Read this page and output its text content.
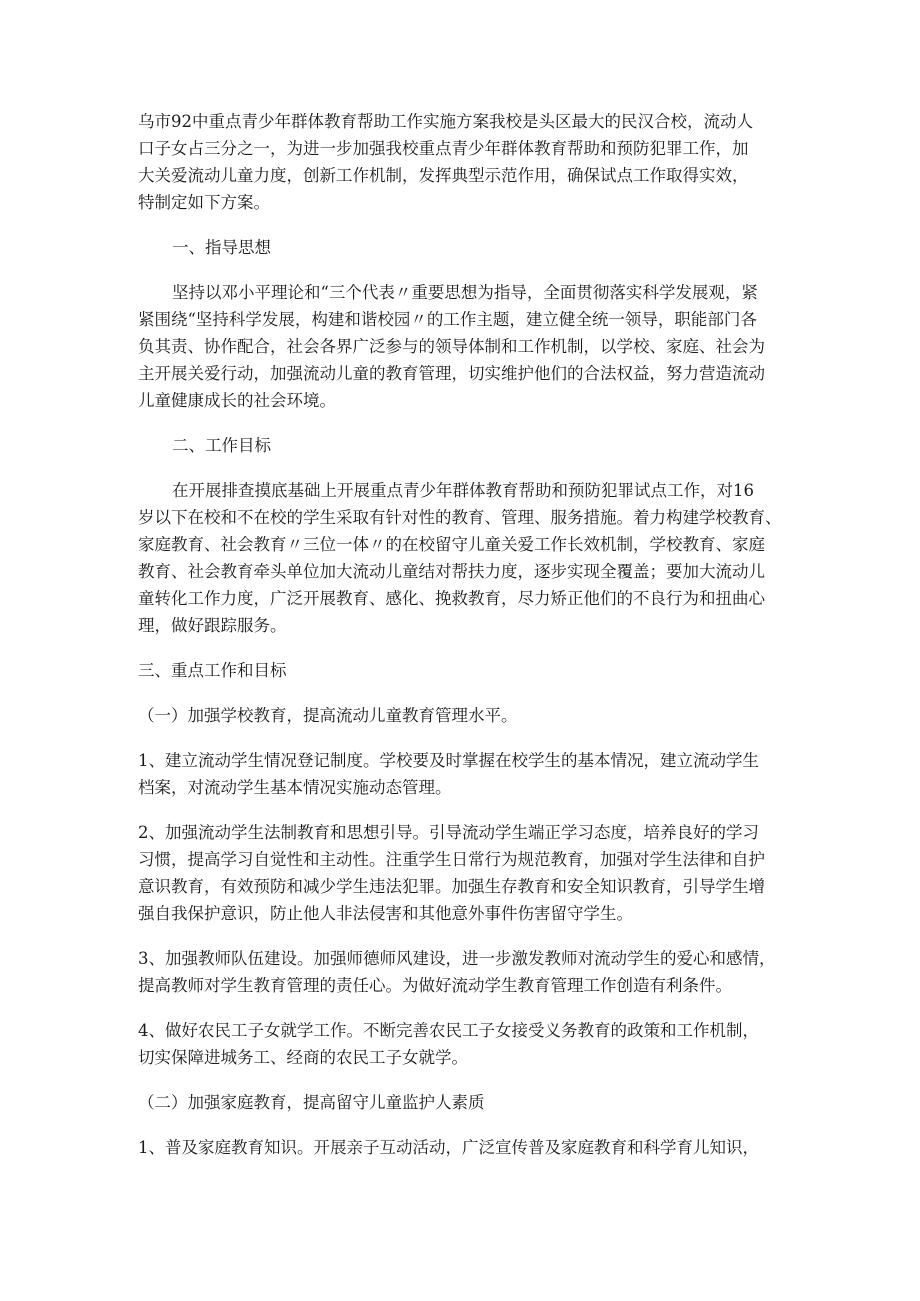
乌市92中重点青少年群体教育帮助工作实施方案我校是头区最大的民汉合校，流动人
口子女占三分之一，为进一步加强我校重点青少年群体教育帮助和预防犯罪工作，加
大关爱流动儿童力度，创新工作机制，发挥典型示范作用，确保试点工作取得实效，
特制定如下方案。

一、指导思想

坚持以邓小平理论和“三个代表〃重要思想为指导，全面贯彻落实科学发展观，紧
紧围绕“坚持科学发展，构建和谐校园〃的工作主题，建立健全统一领导，职能部门各
负其责、协作配合，社会各界广泛参与的领导体制和工作机制，以学校、家庭、社会为
主开展关爱行动，加强流动儿童的教育管理，切实维护他们的合法权益，努力营造流动
儿童健康成长的社会环境。

二、工作目标

在开展排查摸底基础上开展重点青少年群体教育帮助和预防犯罪试点工作，对16
岁以下在校和不在校的学生采取有针对性的教育、管理、服务措施。着力构建学校教育、
家庭教育、社会教育〃三位一体〃的在校留守儿童关爱工作长效机制，学校教育、家庭
教育、社会教育牵头单位加大流动儿童结对帮扶力度，逐步实现全覆盖；要加大流动儿
童转化工作力度，广泛开展教育、感化、挽救教育，尽力矫正他们的不良行为和扭曲心
理，做好跟踪服务。

三、重点工作和目标

（一）加强学校教育，提高流动儿童教育管理水平。

1、建立流动学生情况登记制度。学校要及时掌握在校学生的基本情况，建立流动学生
档案，对流动学生基本情况实施动态管理。

2、加强流动学生法制教育和思想引导。引导流动学生端正学习态度，培养良好的学习
习惯，提高学习自觉性和主动性。注重学生日常行为规范教育，加强对学生法律和自护
意识教育，有效预防和减少学生违法犯罪。加强生存教育和安全知识教育，引导学生增
强自我保护意识，防止他人非法侵害和其他意外事件伤害留守学生。

3、加强教师队伍建设。加强师德师风建设，进一步激发教师对流动学生的爱心和感情，
提高教师对学生教育管理的责任心。为做好流动学生教育管理工作创造有利条件。

4、做好农民工子女就学工作。不断完善农民工子女接受义务教育的政策和工作机制，
切实保障进城务工、经商的农民工子女就学。

（二）加强家庭教育，提高留守儿童监护人素质

1、普及家庭教育知识。开展亲子互动活动，广泛宣传普及家庭教育和科学育儿知识，
